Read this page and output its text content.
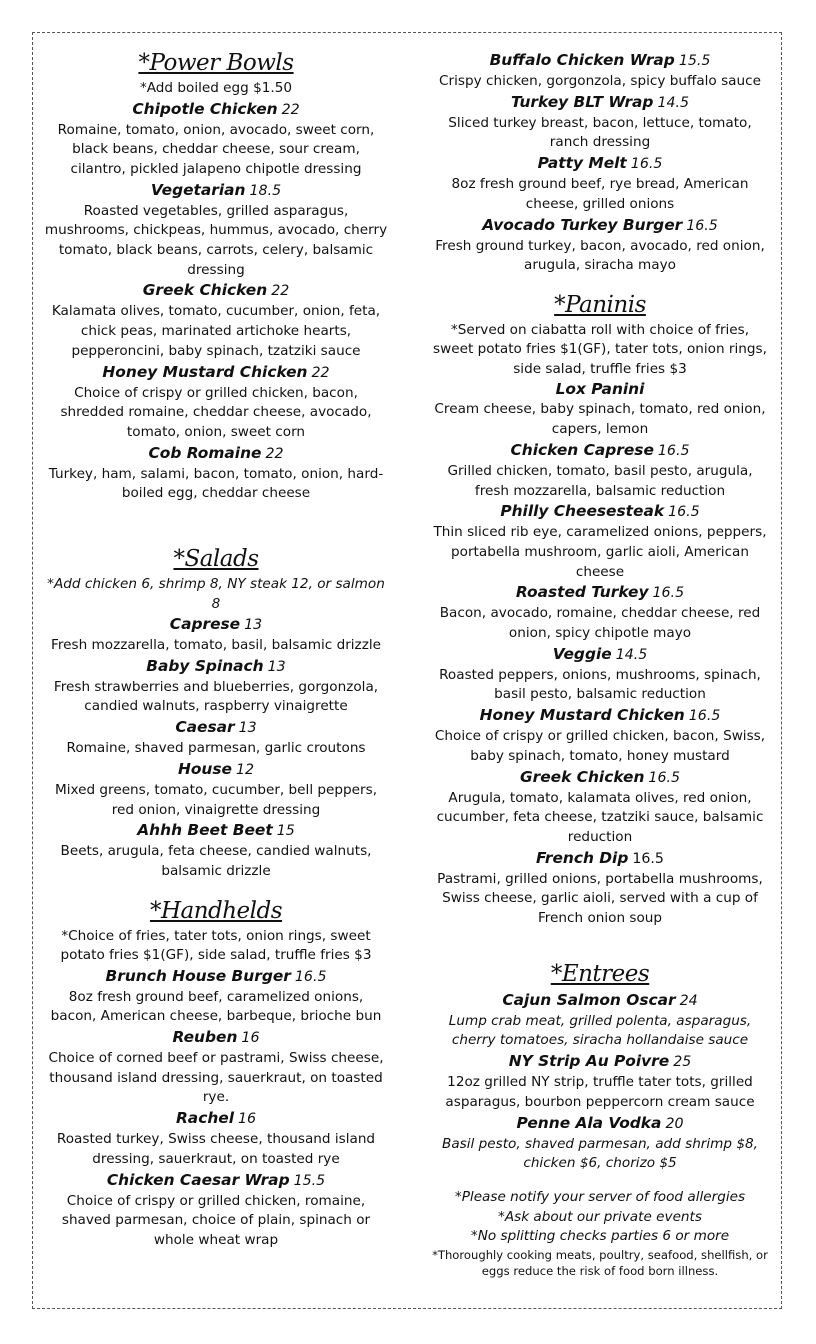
*Power Bowls

*Add boiled egg $1.50

Chipotle Chicken 22

Romaine, tomato, onion, avocado, sweet corn, black beans, cheddar cheese, sour cream, cilantro, pickled jalapeno chipotle dressing

Vegetarian 18.5

Roasted vegetables, grilled asparagus, mushrooms, chickpeas, hummus, avocado, cherry tomato, black beans, carrots, celery, balsamic dressing

Greek Chicken 22

Kalamata olives, tomato, cucumber, onion, feta, chick peas, marinated artichoke hearts, pepperoncini, baby spinach, tzatziki sauce

Honey Mustard Chicken 22

Choice of crispy or grilled chicken, bacon, shredded romaine, cheddar cheese, avocado, tomato, onion, sweet corn

Cob Romaine 22

Turkey, ham, salami, bacon, tomato, onion, hard-boiled egg, cheddar cheese

*Salads

*Add chicken 6, shrimp 8, NY steak 12, or salmon 8

Caprese 13

Fresh mozzarella, tomato, basil, balsamic drizzle

Baby Spinach 13

Fresh strawberries and blueberries, gorgonzola, candied walnuts, raspberry vinaigrette

Caesar 13

Romaine, shaved parmesan, garlic croutons

House 12

Mixed greens, tomato, cucumber, bell peppers, red onion, vinaigrette dressing

Ahhh Beet Beet 15

Beets, arugula, feta cheese, candied walnuts, balsamic drizzle

*Handhelds

*Choice of fries, tater tots, onion rings, sweet potato fries $1(GF), side salad, truffle fries $3

Brunch House Burger 16.5

8oz fresh ground beef, caramelized onions, bacon, American cheese, barbeque, brioche bun

Reuben 16

Choice of corned beef or pastrami, Swiss cheese, thousand island dressing, sauerkraut, on toasted rye.

Rachel 16

Roasted turkey, Swiss cheese, thousand island dressing, sauerkraut, on toasted rye

Chicken Caesar Wrap 15.5

Choice of crispy or grilled chicken, romaine, shaved parmesan, choice of plain, spinach or whole wheat wrap

Buffalo Chicken Wrap 15.5

Crispy chicken, gorgonzola, spicy buffalo sauce

Turkey BLT Wrap 14.5

Sliced turkey breast, bacon, lettuce, tomato, ranch dressing

Patty Melt 16.5

8oz fresh ground beef, rye bread, American cheese, grilled onions

Avocado Turkey Burger 16.5

Fresh ground turkey, bacon, avocado, red onion, arugula, siracha mayo

*Paninis

*Served on ciabatta roll with choice of fries, sweet potato fries $1(GF), tater tots, onion rings, side salad, truffle fries $3

Lox Panini

Cream cheese, baby spinach, tomato, red onion, capers, lemon

Chicken Caprese 16.5

Grilled chicken, tomato, basil pesto, arugula, fresh mozzarella, balsamic reduction

Philly Cheesesteak 16.5

Thin sliced rib eye, caramelized onions, peppers, portabella mushroom, garlic aioli, American cheese

Roasted Turkey 16.5

Bacon, avocado, romaine, cheddar cheese, red onion, spicy chipotle mayo

Veggie 14.5

Roasted peppers, onions, mushrooms, spinach, basil pesto, balsamic reduction

Honey Mustard Chicken 16.5

Choice of crispy or grilled chicken, bacon, Swiss, baby spinach, tomato, honey mustard

Greek Chicken 16.5

Arugula, tomato, kalamata olives, red onion, cucumber, feta cheese, tzatziki sauce, balsamic reduction

French Dip 16.5

Pastrami, grilled onions, portabella mushrooms, Swiss cheese, garlic aioli, served with a cup of French onion soup

*Entrees

Cajun Salmon Oscar 24

Lump crab meat, grilled polenta, asparagus, cherry tomatoes, siracha hollandaise sauce

NY Strip Au Poivre 25

12oz grilled NY strip, truffle tater tots, grilled asparagus, bourbon peppercorn cream sauce

Penne Ala Vodka 20

Basil pesto, shaved parmesan, add shrimp $8, chicken $6, chorizo $5

*Please notify your server of food allergies

*Ask about our private events

*No splitting checks parties 6 or more

*Thoroughly cooking meats, poultry, seafood, shellfish, or eggs reduce the risk of food born illness.
